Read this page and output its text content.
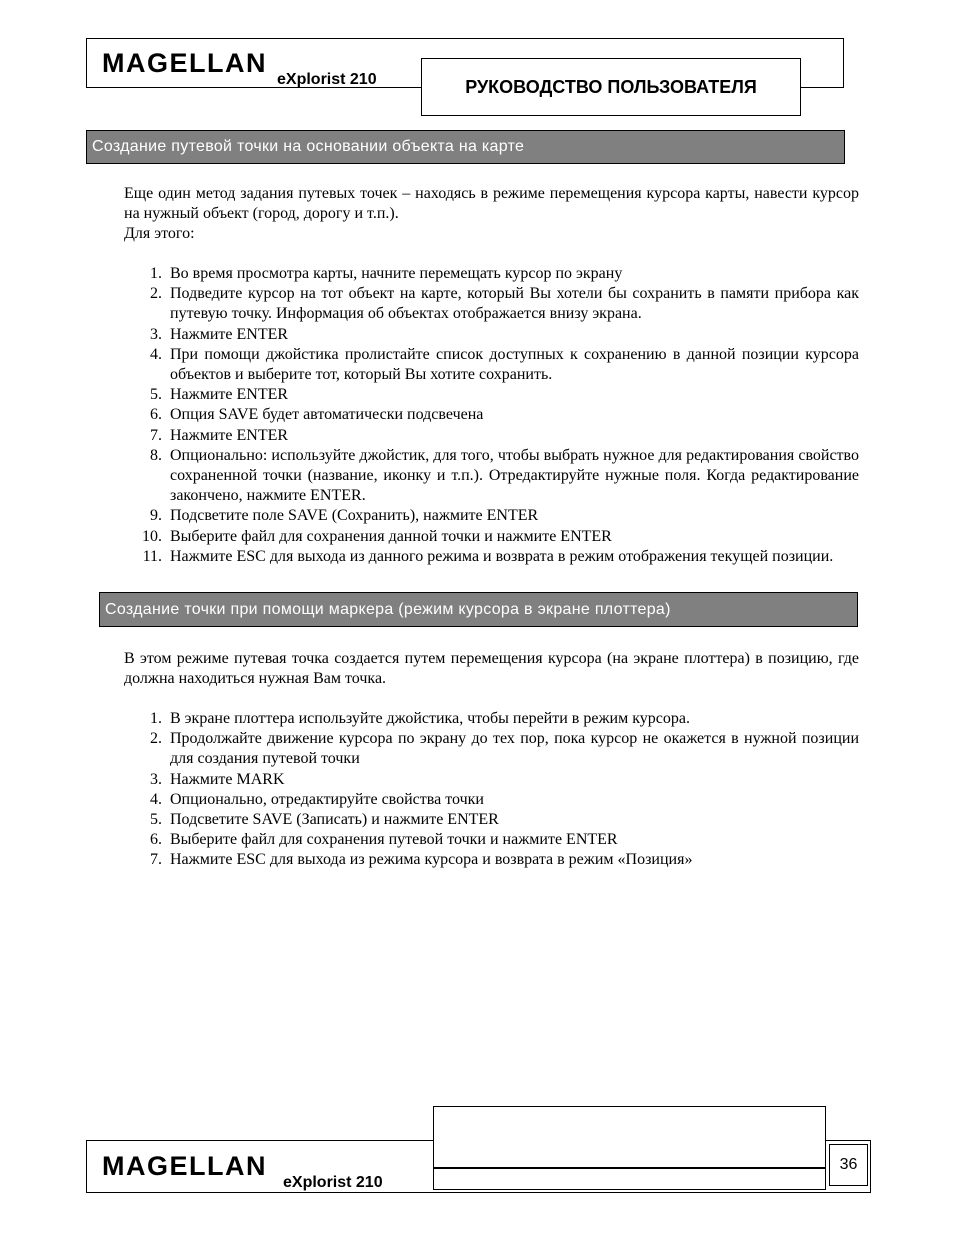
MAGELLAN
eXplorist 210	РУКОВОДСТВО ПОЛЬЗОВАТЕЛЯ
Создание путевой точки на основании объекта на карте
Еще один метод задания путевых точек – находясь в режиме перемещения курсора карты, навести курсор на нужный объект (город, дорогу и т.п.).
Для этого:
1. Во время просмотра карты, начните перемещать курсор по экрану
2. Подведите курсор на тот объект на карте, который Вы хотели бы сохранить в памяти прибора как путевую точку. Информация об объектах отображается внизу экрана.
3. Нажмите ENTER
4. При помощи джойстика пролистайте список доступных к сохранению в данной позиции курсора объектов и выберите тот, который Вы хотите сохранить.
5. Нажмите ENTER
6. Опция SAVE будет автоматически подсвечена
7. Нажмите ENTER
8. Опционально: используйте джойстик, для того, чтобы выбрать нужное для редактирования свойство сохраненной точки (название, иконку и т.п.). Отредактируйте нужные поля. Когда редактирование закончено, нажмите ENTER.
9. Подсветите поле SAVE (Сохранить), нажмите ENTER
10. Выберите файл для сохранения данной точки и нажмите ENTER
11. Нажмите ESC для выхода из данного режима и возврата в режим отображения текущей позиции.
Создание точки при помощи маркера (режим курсора в экране плоттера)
В этом режиме путевая точка создается путем перемещения курсора (на экране плоттера) в позицию, где должна находиться нужная Вам точка.
1. В экране плоттера используйте джойстика, чтобы перейти в режим курсора.
2. Продолжайте движение курсора по экрану до тех пор, пока курсор не окажется в нужной позиции для создания путевой точки
3. Нажмите MARK
4. Опционально, отредактируйте свойства точки
5. Подсветите SAVE (Записать) и нажмите ENTER
6. Выберите файл для сохранения путевой точки и нажмите ENTER
7. Нажмите ESC для выхода из режима курсора и возврата в режим «Позиция»
MAGELLAN
eXplorist 210
36
